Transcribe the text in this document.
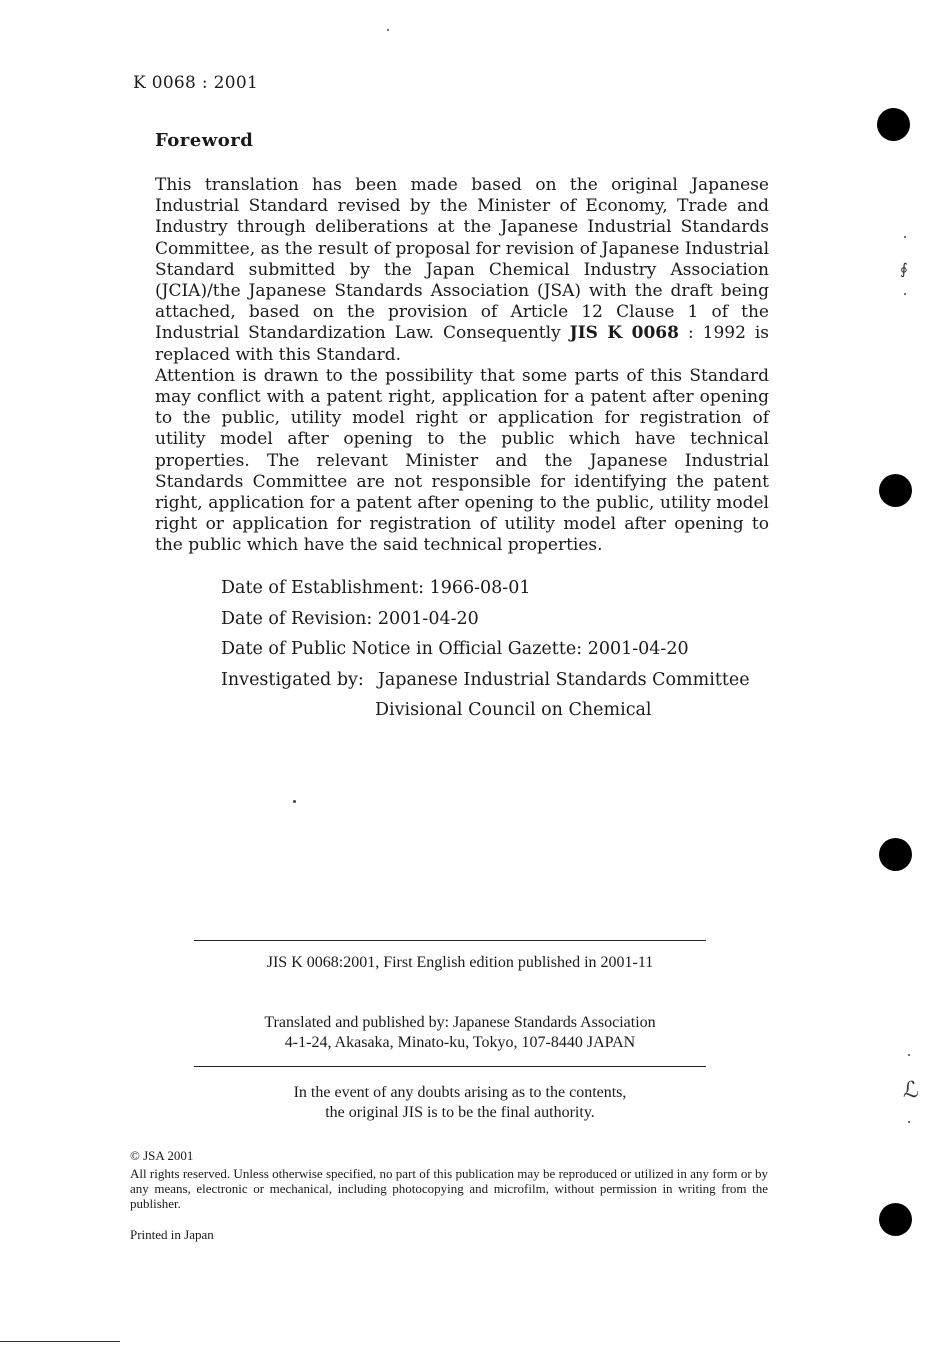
∮
ℒ
K 0068 : 2001
Foreword

This translation has been made based on the original Japanese Industrial Standard revised by the Minister of Economy, Trade and Industry through deliberations at the Japanese Industrial Standards Committee, as the result of proposal for revision of Japanese Industrial Standard submitted by the Japan Chemical Industry Association (JCIA)/the Japanese Standards Association (JSA) with the draft being attached, based on the provision of Article 12 Clause 1 of the Industrial Standardization Law. Consequently JIS K 0068 : 1992 is replaced with this Standard.

Attention is drawn to the possibility that some parts of this Standard may conflict with a patent right, application for a patent after opening to the public, utility model right or application for registration of utility model after opening to the public which have technical properties. The relevant Minister and the Japanese Industrial Standards Committee are not responsible for identifying the patent right, application for a patent after opening to the public, utility model right or application for registration of utility model after opening to the public which have the said technical properties.

Date of Establishment: 1966-08-01
Date of Revision: 2001-04-20
Date of Public Notice in Official Gazette: 2001-04-20
Investigated by: Japanese Industrial Standards Committee
Divisional Council on Chemical
JIS K 0068:2001, First English edition published in 2001-11
Translated and published by: Japanese Standards Association
4-1-24, Akasaka, Minato-ku, Tokyo, 107-8440 JAPAN
In the event of any doubts arising as to the contents,
the original JIS is to be the final authority.
© JSA 2001
All rights reserved. Unless otherwise specified, no part of this publication may be reproduced or utilized in any form or by any means, electronic or mechanical, including photocopying and microfilm, without permission in writing from the publisher.
Printed in Japan
